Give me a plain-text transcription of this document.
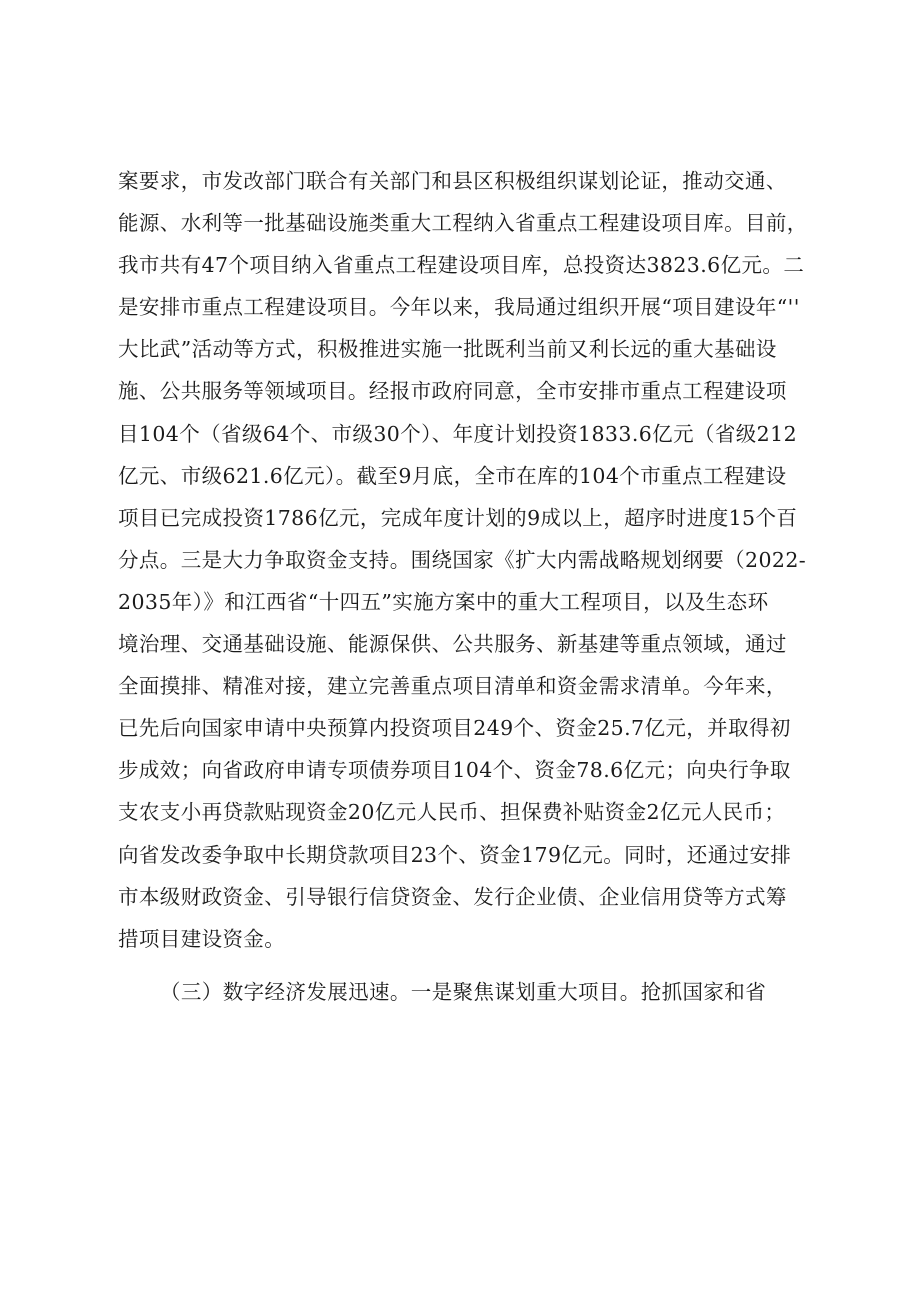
案要求，市发改部门联合有关部门和县区积极组织谋划论证，推动交通、
能源、水利等一批基础设施类重大工程纳入省重点工程建设项目库。目前，
我市共有47个项目纳入省重点工程建设项目库，总投资达3823.6亿元。二
是安排市重点工程建设项目。今年以来，我局通过组织开展“项目建设年“''
大比武”活动等方式，积极推进实施一批既利当前又利长远的重大基础设
施、公共服务等领域项目。经报市政府同意，全市安排市重点工程建设项
目104个（省级64个、市级30个）、年度计划投资1833.6亿元（省级212
亿元、市级621.6亿元）。截至9月底，全市在库的104个市重点工程建设
项目已完成投资1786亿元，完成年度计划的9成以上，超序时进度15个百
分点。三是大力争取资金支持。围绕国家《扩大内需战略规划纲要（2022-
2035年）》和江西省“十四五”实施方案中的重大工程项目，以及生态环
境治理、交通基础设施、能源保供、公共服务、新基建等重点领域，通过
全面摸排、精准对接，建立完善重点项目清单和资金需求清单。今年来，
已先后向国家申请中央预算内投资项目249个、资金25.7亿元，并取得初
步成效；向省政府申请专项债券项目104个、资金78.6亿元；向央行争取
支农支小再贷款贴现资金20亿元人民币、担保费补贴资金2亿元人民币；
向省发改委争取中长期贷款项目23个、资金179亿元。同时，还通过安排
市本级财政资金、引导银行信贷资金、发行企业债、企业信用贷等方式筹
措项目建设资金。
（三）数字经济发展迅速。一是聚焦谋划重大项目。抢抓国家和省
